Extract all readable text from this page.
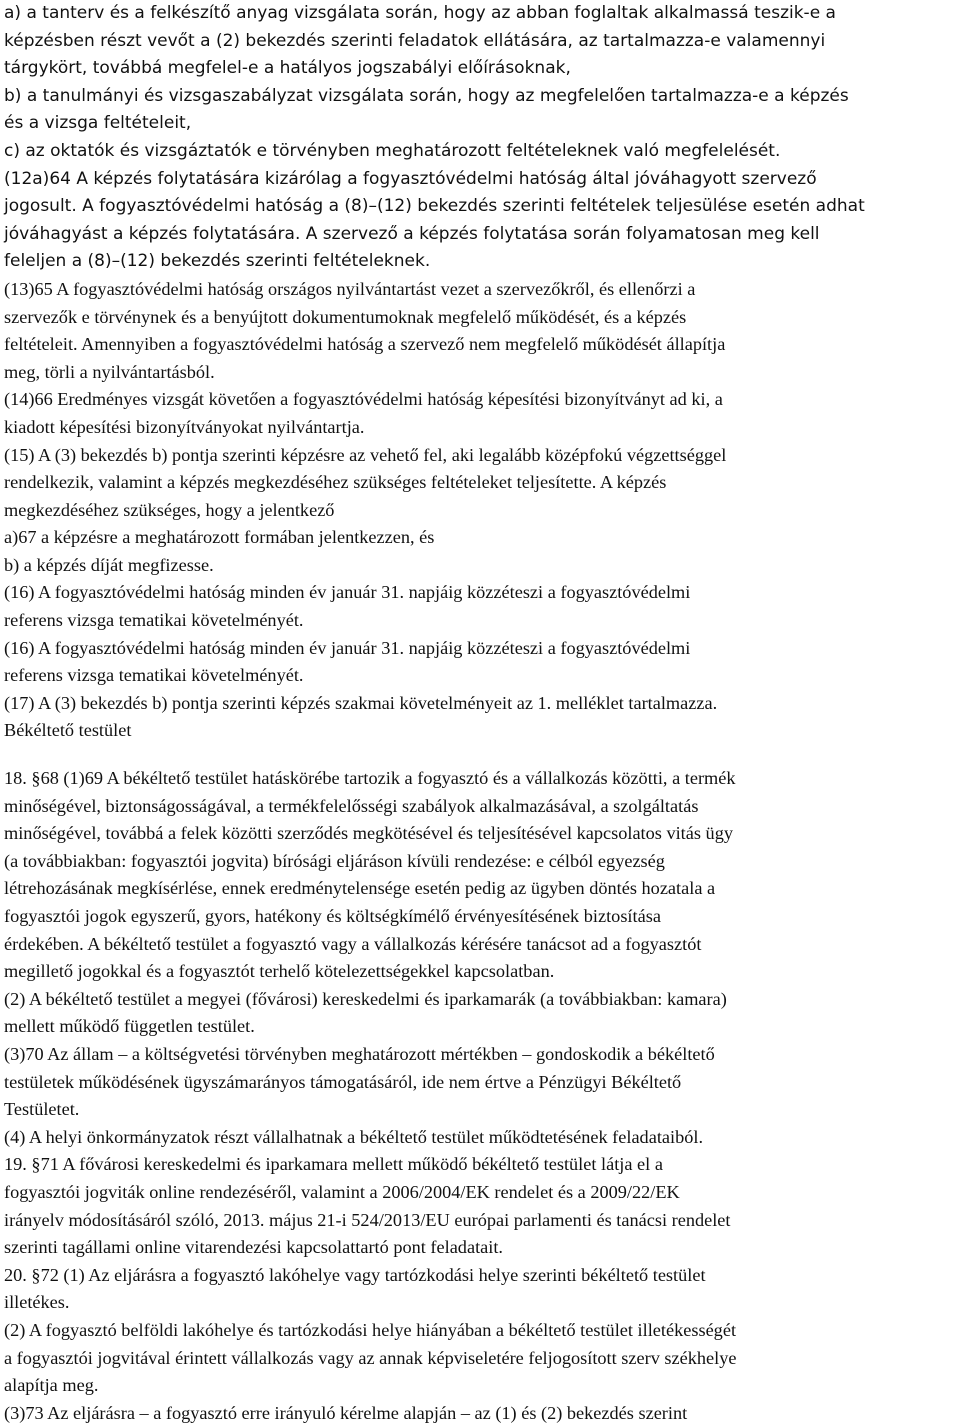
a) a tanterv és a felkészítő anyag vizsgálata során, hogy az abban foglaltak alkalmassá teszik-e a

képzésben részt vevőt a (2) bekezdés szerinti feladatok ellátására, az tartalmazza-e valamennyi

tárgykört, továbbá megfelel-e a hatályos jogszabályi előírásoknak,

b) a tanulmányi és vizsgaszabályzat vizsgálata során, hogy az megfelelően tartalmazza-e a képzés

és a vizsga feltételeit,

c) az oktatók és vizsgáztatók e törvényben meghatározott feltételeknek való megfelelését.

(12a)64 A képzés folytatására kizárólag a fogyasztóvédelmi hatóság által jóváhagyott szervező

jogosult. A fogyasztóvédelmi hatóság a (8)–(12) bekezdés szerinti feltételek teljesülése esetén adhat

jóváhagyást a képzés folytatására. A szervező a képzés folytatása során folyamatosan meg kell

feleljen a (8)–(12) bekezdés szerinti feltételeknek.

(13)65 A fogyasztóvédelmi hatóság országos nyilvántartást vezet a szervezőkről, és ellenőrzi a

szervezők e törvénynek és a benyújtott dokumentumoknak megfelelő működését, és a képzés

feltételeit. Amennyiben a fogyasztóvédelmi hatóság a szervező nem megfelelő működését állapítja

meg, törli a nyilvántartásból.

(14)66 Eredményes vizsgát követően a fogyasztóvédelmi hatóság képesítési bizonyítványt ad ki, a

kiadott képesítési bizonyítványokat nyilvántartja.

(15) A (3) bekezdés b) pontja szerinti képzésre az vehető fel, aki legalább középfokú végzettséggel

rendelkezik, valamint a képzés megkezdéséhez szükséges feltételeket teljesítette. A képzés

megkezdéséhez szükséges, hogy a jelentkező

a)67 a képzésre a meghatározott formában jelentkezzen, és

b) a képzés díját megfizesse.

(16) A fogyasztóvédelmi hatóság minden év január 31. napjáig közzéteszi a fogyasztóvédelmi

referens vizsga tematikai követelményét.

(16) A fogyasztóvédelmi hatóság minden év január 31. napjáig közzéteszi a fogyasztóvédelmi

referens vizsga tematikai követelményét.

(17) A (3) bekezdés b) pontja szerinti képzés szakmai követelményeit az 1. melléklet tartalmazza.

Békéltető testület

18. §68 (1)69 A békéltető testület hatáskörébe tartozik a fogyasztó és a vállalkozás közötti, a termék

minőségével, biztonságosságával, a termékfelelősségi szabályok alkalmazásával, a szolgáltatás

minőségével, továbbá a felek közötti szerződés megkötésével és teljesítésével kapcsolatos vitás ügy

(a továbbiakban: fogyasztói jogvita) bírósági eljáráson kívüli rendezése: e célból egyezség

létrehozásának megkísérlése, ennek eredménytelensége esetén pedig az ügyben döntés hozatala a

fogyasztói jogok egyszerű, gyors, hatékony és költségkímélő érvényesítésének biztosítása

érdekében. A békéltető testület a fogyasztó vagy a vállalkozás kérésére tanácsot ad a fogyasztót

megillető jogokkal és a fogyasztót terhelő kötelezettségekkel kapcsolatban.

(2) A békéltető testület a megyei (fővárosi) kereskedelmi és iparkamarák (a továbbiakban: kamara)

mellett működő független testület.

(3)70 Az állam – a költségvetési törvényben meghatározott mértékben – gondoskodik a békéltető

testületek működésének ügyszámarányos támogatásáról, ide nem értve a Pénzügyi Békéltető

Testületet.

(4) A helyi önkormányzatok részt vállalhatnak a békéltető testület működtetésének feladataiból.

19. §71 A fővárosi kereskedelmi és iparkamara mellett működő békéltető testület látja el a

fogyasztói jogviták online rendezéséről, valamint a 2006/2004/EK rendelet és a 2009/22/EK

irányelv módosításáról szóló, 2013. május 21-i 524/2013/EU európai parlamenti és tanácsi rendelet

szerinti tagállami online vitarendezési kapcsolattartó pont feladatait.

20. §72 (1) Az eljárásra a fogyasztó lakóhelye vagy tartózkodási helye szerinti békéltető testület

illetékes.

(2) A fogyasztó belföldi lakóhelye és tartózkodási helye hiányában a békéltető testület illetékességét

a fogyasztói jogvitával érintett vállalkozás vagy az annak képviseletére feljogosított szerv székhelye

alapítja meg.

(3)73 Az eljárásra – a fogyasztó erre irányuló kérelme alapján – az (1) és (2) bekezdés szerint
